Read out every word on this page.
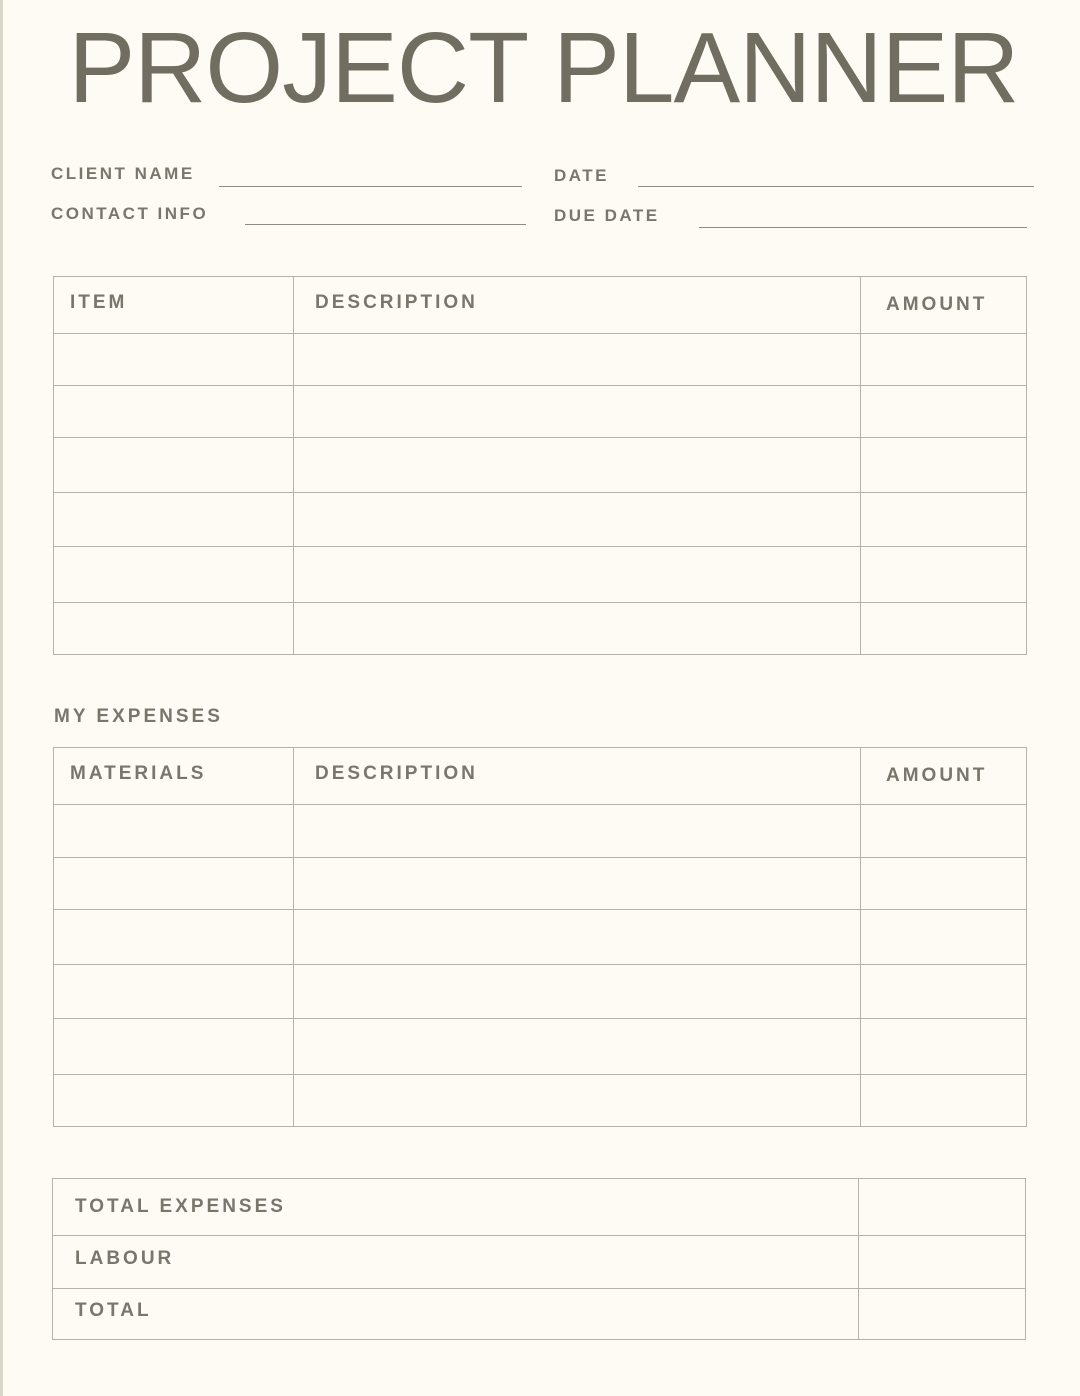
PROJECT PLANNER
CLIENT NAME
CONTACT INFO
DATE
DUE DATE
ITEM	DESCRIPTION	AMOUNT

MY EXPENSES
MATERIALS	DESCRIPTION	AMOUNT

TOTAL EXPENSES	
LABOUR	
TOTAL	
